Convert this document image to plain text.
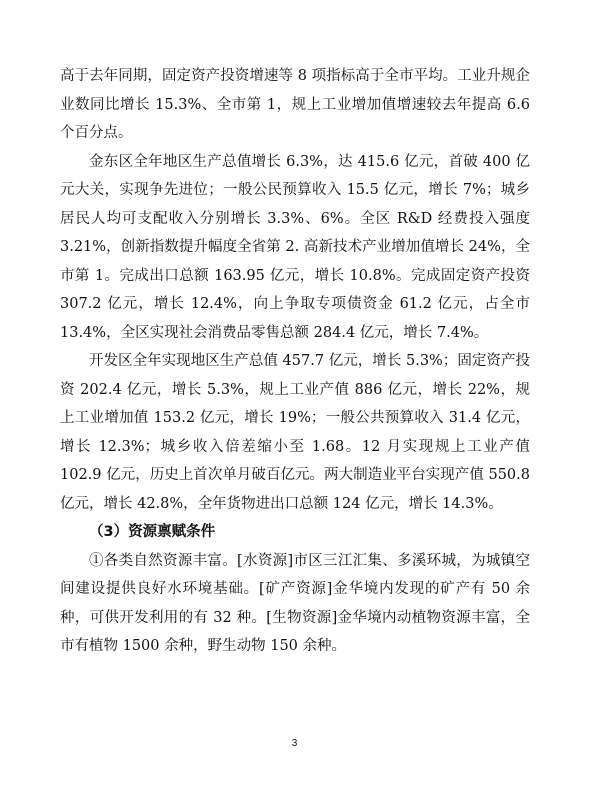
高于去年同期，固定资产投资增速等 8 项指标高于全市平均。工业升规企业数同比增长 15.3%、全市第 1，规上工业增加值增速较去年提高 6.6 个百分点。

金东区全年地区生产总值增长 6.3%，达 415.6 亿元，首破 400 亿元大关，实现争先进位；一般公民预算收入 15.5 亿元，增长 7%；城乡居民人均可支配收入分别增长 3.3%、6%。全区 R&D 经费投入强度 3.21%，创新指数提升幅度全省第 2. 高新技术产业增加值增长 24%，全市第 1。完成出口总额 163.95 亿元，增长 10.8%。完成固定资产投资 307.2 亿元，增长 12.4%，向上争取专项债资金 61.2 亿元，占全市 13.4%，全区实现社会消费品零售总额 284.4 亿元，增长 7.4%。

开发区全年实现地区生产总值 457.7 亿元，增长 5.3%；固定资产投资 202.4 亿元，增长 5.3%，规上工业产值 886 亿元，增长 22%，规上工业增加值 153.2 亿元，增长 19%；一般公共预算收入 31.4 亿元，增长 12.3%；城乡收入倍差缩小至 1.68。12 月实现规上工业产值 102.9 亿元，历史上首次单月破百亿元。两大制造业平台实现产值 550.8 亿元，增长 42.8%，全年货物进出口总额 124 亿元，增长 14.3%。

（3）资源禀赋条件

①各类自然资源丰富。[水资源]市区三江汇集、多溪环城，为城镇空间建设提供良好水环境基础。[矿产资源]金华境内发现的矿产有 50 余种，可供开发利用的有 32 种。[生物资源]金华境内动植物资源丰富，全市有植物 1500 余种，野生动物 150 余种。

3
